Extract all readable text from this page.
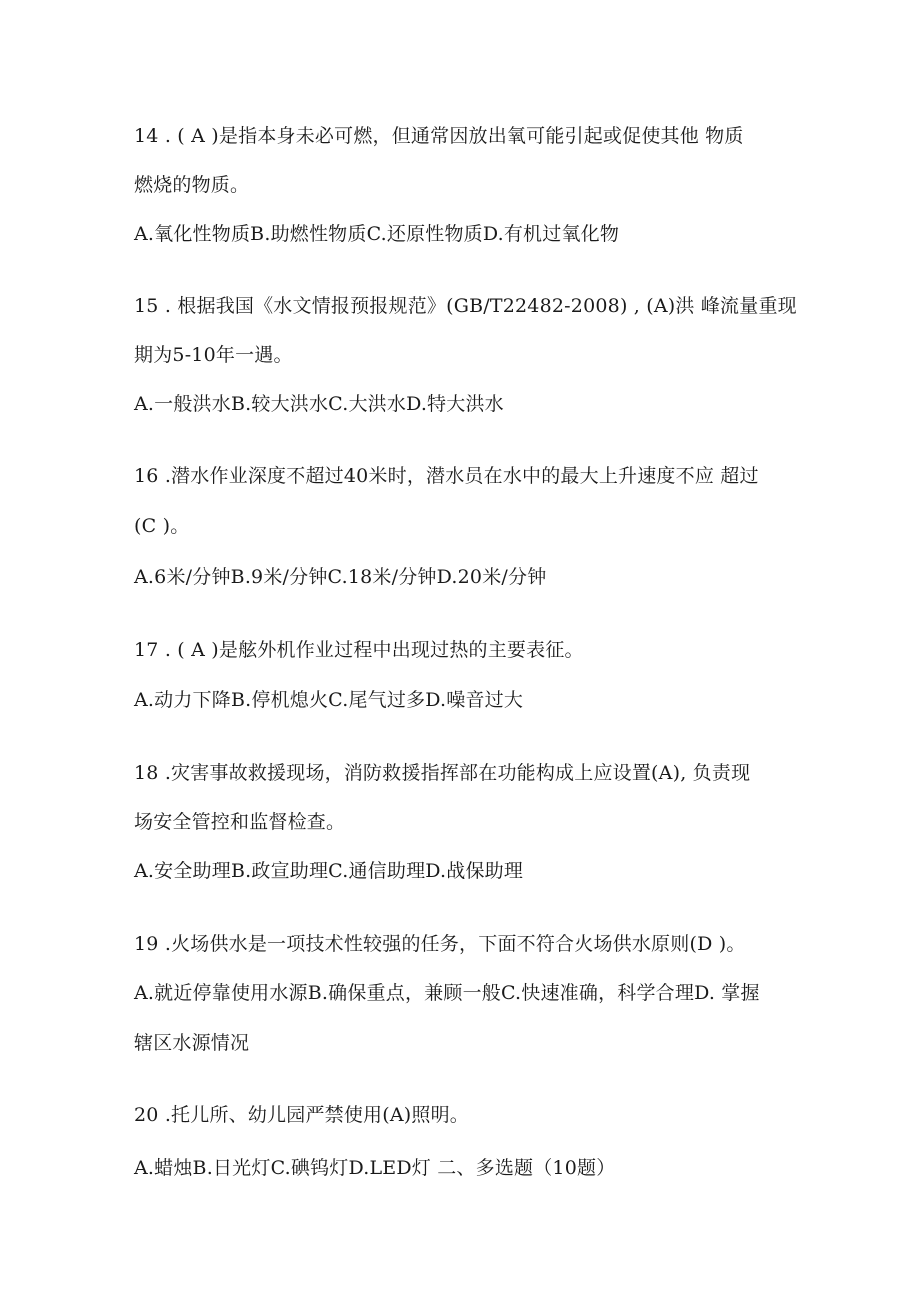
14 . ( A )是指本身未必可燃，但通常因放出氧可能引起或促使其他 物质
燃烧的物质。
A.氧化性物质B.助燃性物质C.还原性物质D.有机过氧化物
15 . 根据我国《水文情报预报规范》(GB/T22482-2008) , (A)洪 峰流量重现
期为5-10年一遇。
A.一般洪水B.较大洪水C.大洪水D.特大洪水
16 .潜水作业深度不超过40米时，潜水员在水中的最大上升速度不应 超过
(C )。
A.6米/分钟B.9米/分钟C.18米/分钟D.20米/分钟
17 . ( A )是舷外机作业过程中出现过热的主要表征。
A.动力下降B.停机熄火C.尾气过多D.噪音过大
18 .灾害事故救援现场，消防救援指挥部在功能构成上应设置(A), 负责现
场安全管控和监督检查。
A.安全助理B.政宣助理C.通信助理D.战保助理
19 .火场供水是一项技术性较强的任务，下面不符合火场供水原则(D )。
A.就近停靠使用水源B.确保重点，兼顾一般C.快速准确，科学合理D. 掌握
辖区水源情况
20 .托儿所、幼儿园严禁使用(A)照明。
A.蜡烛B.日光灯C.碘钨灯D.LED灯 二、多选题（10题）
